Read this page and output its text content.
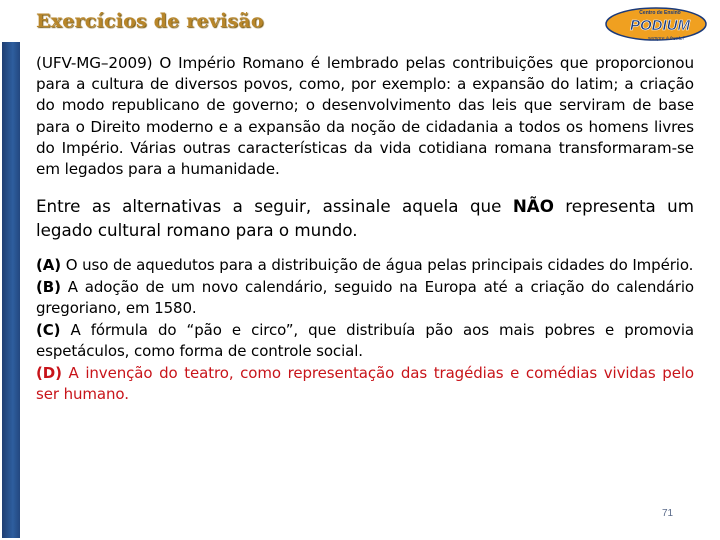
Exercícios de revisão	Centro de Ensino
PODIUM
sempre à frente!

(UFV-MG–2009) O Império Romano é lembrado pelas contribuições que proporcionou para a cultura de diversos povos, como, por exemplo: a expansão do latim; a criação do modo republicano de governo; o desenvolvimento das leis que serviram de base para o Direito moderno e a expansão da noção de cidadania a todos os homens livres do Império. Várias outras características da vida cotidiana romana transformaram-se em legados para a humanidade.

Entre as alternativas a seguir, assinale aquela que NÃO representa um legado cultural romano para o mundo.

(A) O uso de aquedutos para a distribuição de água pelas principais cidades do Império.

(B) A adoção de um novo calendário, seguido na Europa até a criação do calendário gregoriano, em 1580.

(C) A fórmula do “pão e circo”, que distribuía pão aos mais pobres e promovia espetáculos, como forma de controle social.

(D) A invenção do teatro, como representação das tragédias e comédias vividas pelo ser humano.

71
